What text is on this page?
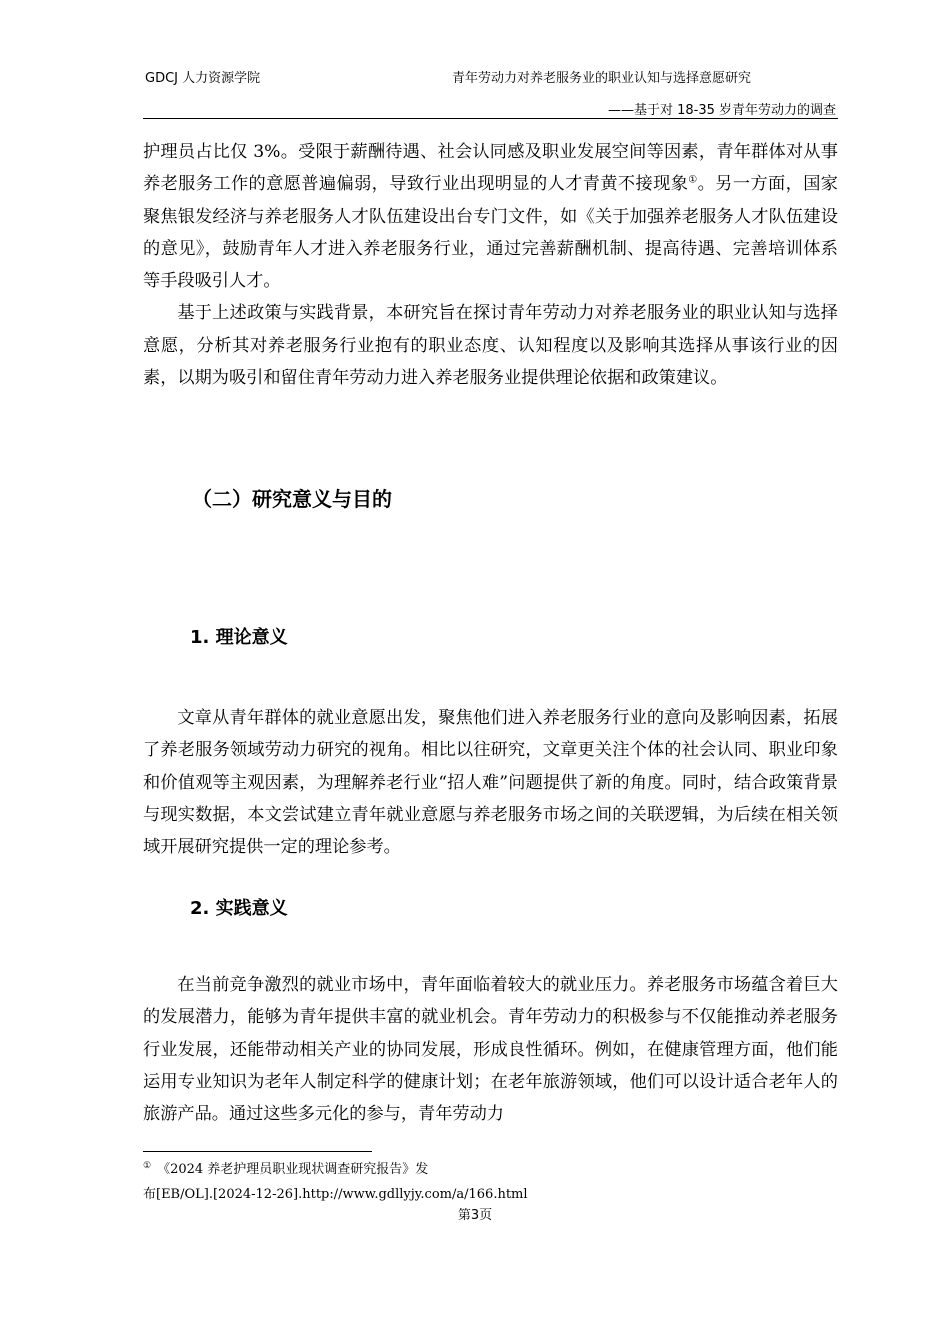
GDCJ 人力资源学院	青年劳动力对养老服务业的职业认知与选择意愿研究
——基于对 18-35 岁青年劳动力的调查

护理员占比仅 3%。受限于薪酬待遇、社会认同感及职业发展空间等因素，青年群体对从事养老服务工作的意愿普遍偏弱，导致行业出现明显的人才青黄不接现象①。另一方面，国家聚焦银发经济与养老服务人才队伍建设出台专门文件，如《关于加强养老服务人才队伍建设的意见》，鼓励青年人才进入养老服务行业，通过完善薪酬机制、提高待遇、完善培训体系等手段吸引人才。

基于上述政策与实践背景，本研究旨在探讨青年劳动力对养老服务业的职业认知与选择意愿，分析其对养老服务行业抱有的职业态度、认知程度以及影响其选择从事该行业的因素，以期为吸引和留住青年劳动力进入养老服务业提供理论依据和政策建议。

（二）研究意义与目的
1. 理论意义

文章从青年群体的就业意愿出发，聚焦他们进入养老服务行业的意向及影响因素，拓展了养老服务领域劳动力研究的视角。相比以往研究，文章更关注个体的社会认同、职业印象和价值观等主观因素，为理解养老行业“招人难”问题提供了新的角度。同时，结合政策背景与现实数据，本文尝试建立青年就业意愿与养老服务市场之间的关联逻辑，为后续在相关领域开展研究提供一定的理论参考。

2. 实践意义

在当前竞争激烈的就业市场中，青年面临着较大的就业压力。养老服务市场蕴含着巨大的发展潜力，能够为青年提供丰富的就业机会。青年劳动力的积极参与不仅能推动养老服务行业发展，还能带动相关产业的协同发展，形成良性循环。例如，在健康管理方面，他们能运用专业知识为老年人制定科学的健康计划；在老年旅游领域，他们可以设计适合老年人的旅游产品。通过这些多元化的参与，青年劳动力

① 《2024 养老护理员职业现状调查研究报告》发
布[EB/OL].[2024-12-26].http://www.gdllyjy.com/a/166.html
第3页
